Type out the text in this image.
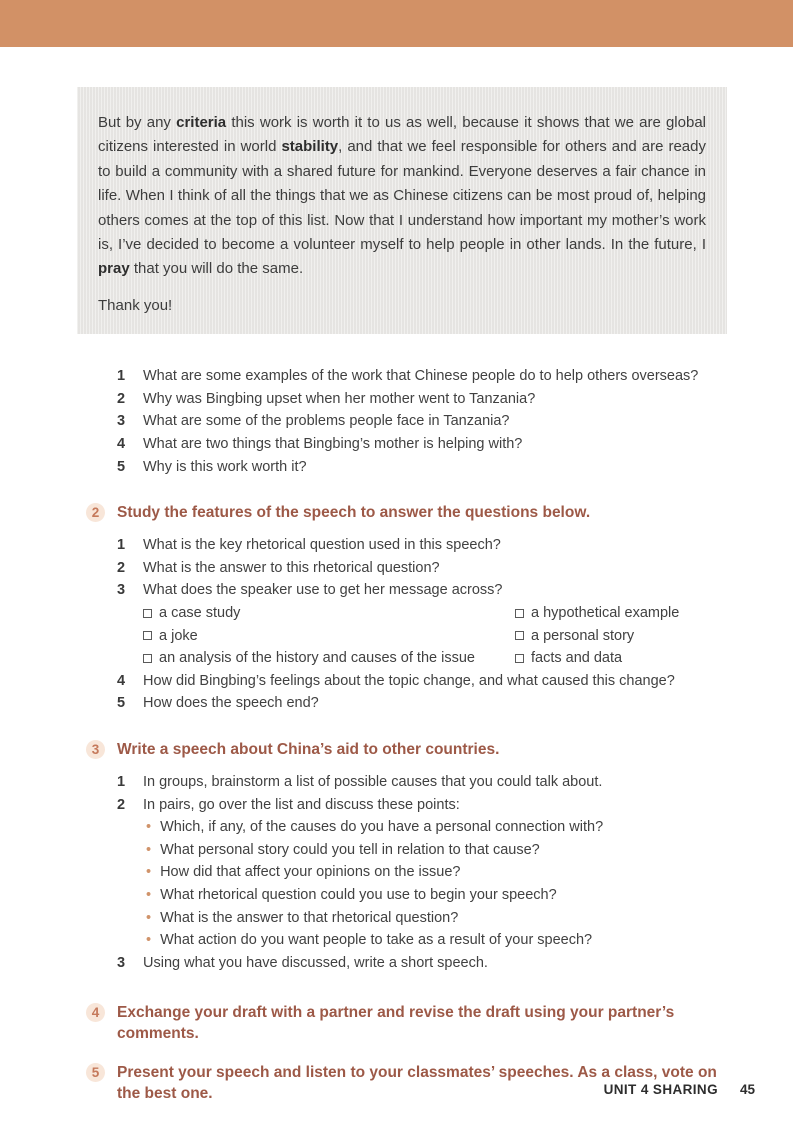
But by any criteria this work is worth it to us as well, because it shows that we are global citizens interested in world stability, and that we feel responsible for others and are ready to build a community with a shared future for mankind. Everyone deserves a fair chance in life. When I think of all the things that we as Chinese citizens can be most proud of, helping others comes at the top of this list. Now that I understand how important my mother’s work is, I’ve decided to become a volunteer myself to help people in other lands. In the future, I pray that you will do the same.

Thank you!

1	What are some examples of the work that Chinese people do to help others overseas?
2	Why was Bingbing upset when her mother went to Tanzania?
3	What are some of the problems people face in Tanzania?
4	What are two things that Bingbing’s mother is helping with?
5	Why is this work worth it?
2	Study the features of the speech to answer the questions below.
1	What is the key rhetorical question used in this speech?
2	What is the answer to this rhetorical question?
3	What does the speaker use to get her message across?
a case study	a hypothetical example
a joke	a personal story
an analysis of the history and causes of the issue	facts and data
4	How did Bingbing’s feelings about the topic change, and what caused this change?
5	How does the speech end?
3	Write a speech about China’s aid to other countries.
1	In groups, brainstorm a list of possible causes that you could talk about.
2	In pairs, go over the list and discuss these points:
• Which, if any, of the causes do you have a personal connection with?
• What personal story could you tell in relation to that cause?
• How did that affect your opinions on the issue?
• What rhetorical question could you use to begin your speech?
• What is the answer to that rhetorical question?
• What action do you want people to take as a result of your speech?
3	Using what you have discussed, write a short speech.
4	Exchange your draft with a partner and revise the draft using your partner’s comments.
5	Present your speech and listen to your classmates’ speeches. As a class, vote on the best one.	UNIT 4 SHARING 45
